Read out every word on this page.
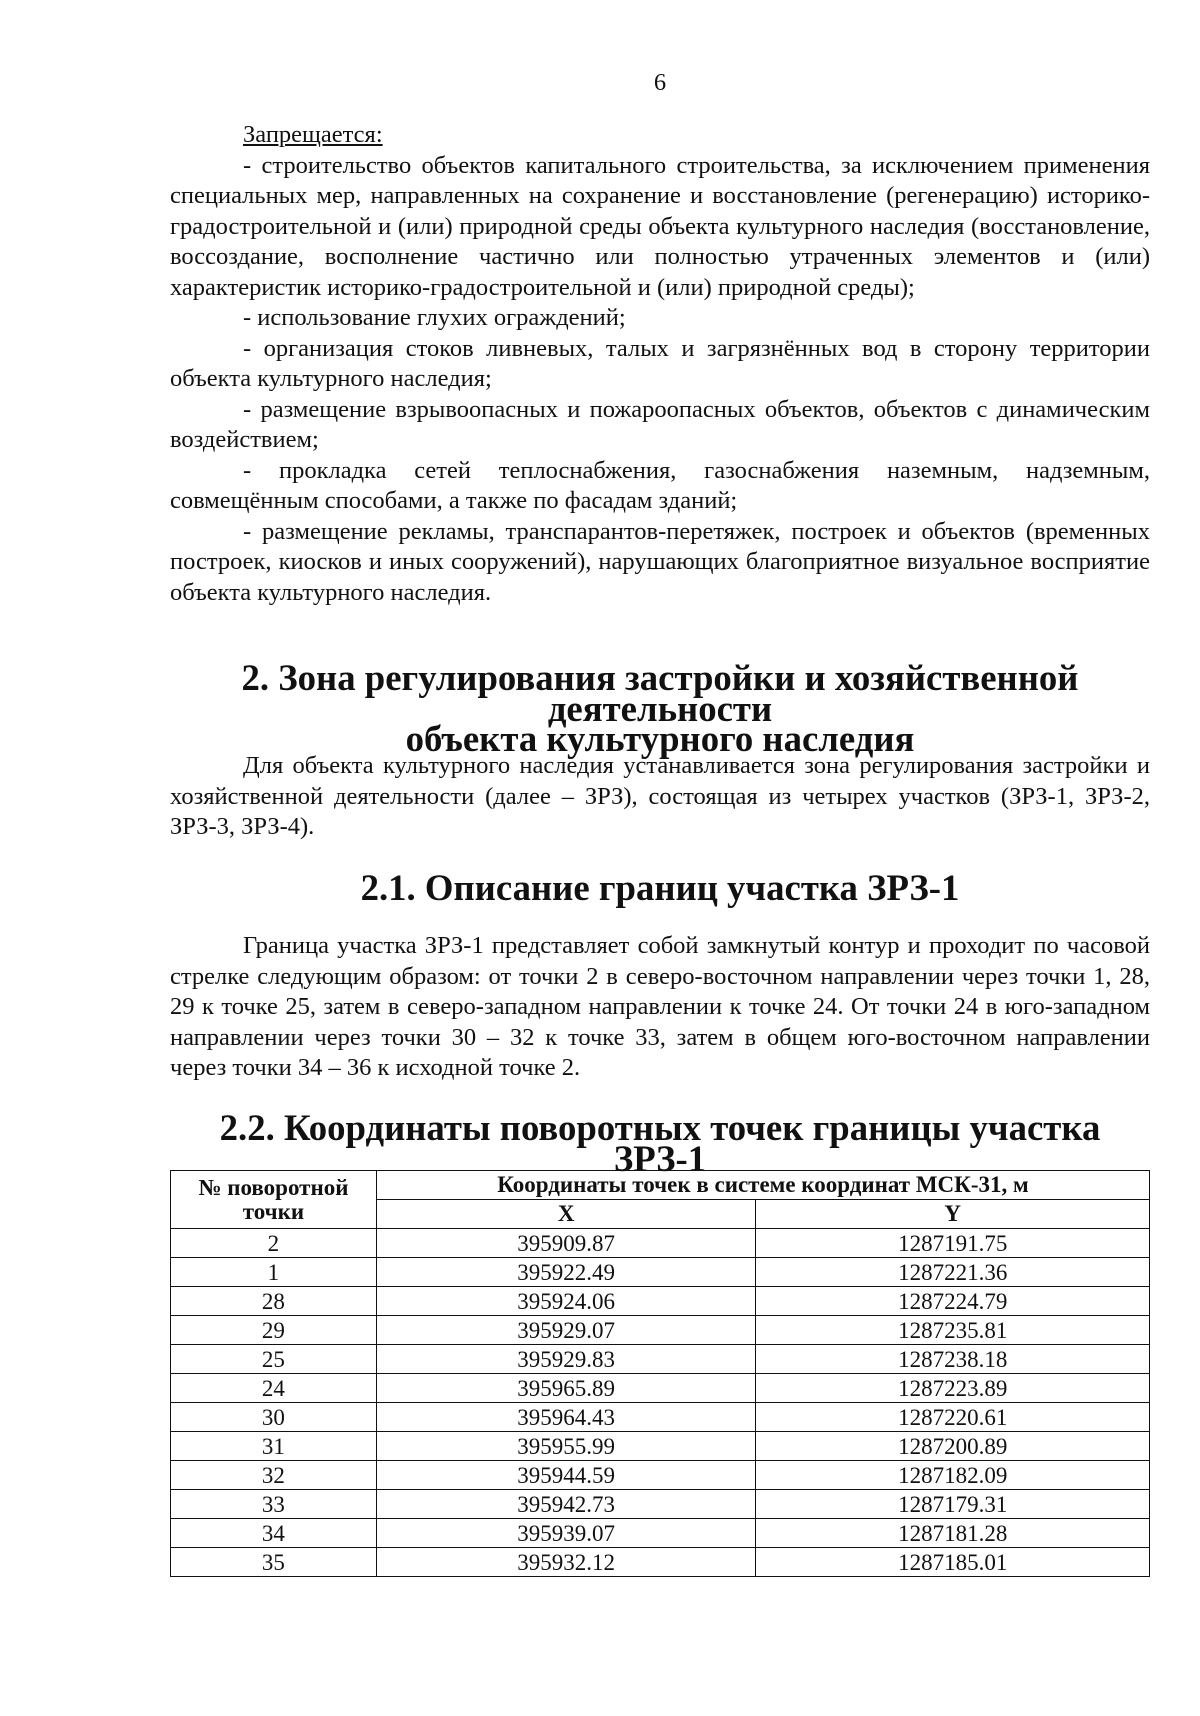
6

Запрещается:

- строительство объектов капитального строительства, за исключением применения специальных мер, направленных на сохранение и восстановление (регенерацию) историко-градостроительной и (или) природной среды объекта культурного наследия (восстановление, воссоздание, восполнение частично или полностью утраченных элементов и (или) характеристик историко-градостроительной и (или) природной среды);

- использование глухих ограждений;

- организация стоков ливневых, талых и загрязнённых вод в сторону территории объекта культурного наследия;

- размещение взрывоопасных и пожароопасных объектов, объектов с динамическим воздействием;

- прокладка сетей теплоснабжения, газоснабжения наземным, надземным, совмещённым способами, а также по фасадам зданий;

- размещение рекламы, транспарантов-перетяжек, построек и объектов (временных построек, киосков и иных сооружений), нарушающих благоприятное визуальное восприятие объекта культурного наследия.

2. Зона регулирования застройки и хозяйственной деятельности
объекта культурного наследия

Для объекта культурного наследия устанавливается зона регулирования застройки и хозяйственной деятельности (далее – ЗРЗ), состоящая из четырех участков (ЗРЗ-1, ЗРЗ-2, ЗРЗ-3, ЗРЗ-4).

2.1. Описание границ участка ЗРЗ-1

Граница участка ЗРЗ-1 представляет собой замкнутый контур и проходит по часовой стрелке следующим образом: от точки 2 в северо-восточном направлении через точки 1, 28, 29 к точке 25, затем в северо-западном направлении к точке 24. От точки 24 в юго-западном направлении через точки 30 – 32 к точке 33, затем в общем юго-восточном направлении через точки 34 – 36 к исходной точке 2.

2.2. Координаты поворотных точек границы участка ЗРЗ-1
№ поворотной точки	Координаты точек в системе координат МСК-31, м	
	X	Y
2	395909.87	1287191.75
1	395922.49	1287221.36
28	395924.06	1287224.79
29	395929.07	1287235.81
25	395929.83	1287238.18
24	395965.89	1287223.89
30	395964.43	1287220.61
31	395955.99	1287200.89
32	395944.59	1287182.09
33	395942.73	1287179.31
34	395939.07	1287181.28
35	395932.12	1287185.01
